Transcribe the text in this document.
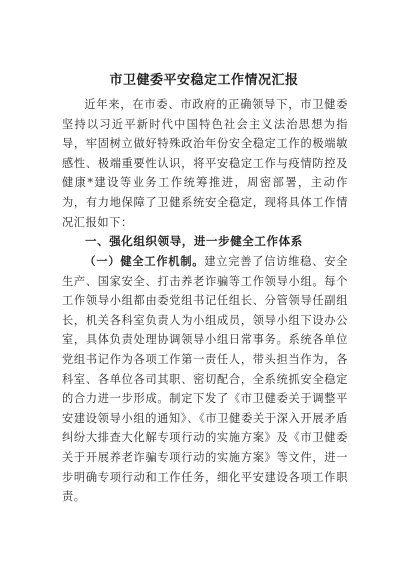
市卫健委平安稳定工作情况汇报
近年来，在市委、市政府的正确领导下，市卫健委坚持以习近平新时代中国特色社会主义法治思想为指导，牢固树立做好特殊政治年份安全稳定工作的极端敏感性、极端重要性认识，将平安稳定工作与疫情防控及健康*建设等业务工作统筹推进，周密部署，主动作为，有力地保障了卫健系统安全稳定，现将具体工作情况汇报如下：
一、强化组织领导，进一步健全工作体系
（一）健全工作机制。建立完善了信访维稳、安全生产、国家安全、打击养老诈骗等工作领导小组。每个工作领导小组都由委党组书记任组长、分管领导任副组长，机关各科室负责人为小组成员，领导小组下设办公室，具体负责处理协调领导小组日常事务。系统各单位党组书记作为各项工作第一责任人，带头担当作为，各科室、各单位各司其职、密切配合，全系统抓安全稳定的合力进一步形成。制定下发了《市卫健委关于调整平安建设领导小组的通知》、《市卫健委关于深入开展矛盾纠纷大排查大化解专项行动的实施方案》及《市卫健委关于开展养老诈骗专项行动的实施方案》等文件，进一步明确专项行动和工作任务，细化平安建设各项工作职责。
